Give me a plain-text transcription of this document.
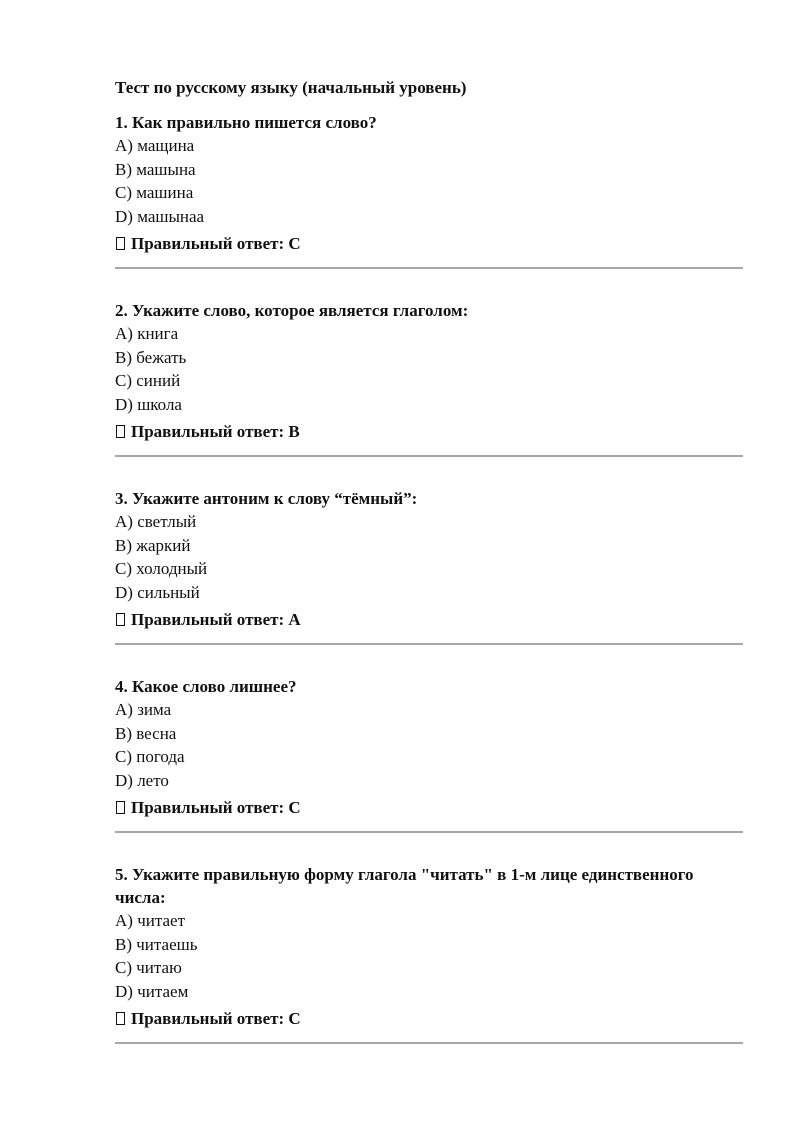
Тест по русскому языку (начальный уровень)
1. Как правильно пишется слово?
A) мащина
B) машына
C) машина
D) машынаа
Правильный ответ:
C
2. Укажите слово, которое является глаголом:
A) книга
B) бежать
C) синий
D) школа
Правильный ответ:
B
3. Укажите антоним к слову “тёмный”:
A) светлый
B) жаркий
C) холодный
D) сильный
Правильный ответ:
A
4. Какое слово лишнее?
A) зима
B) весна
C) погода
D) лето
Правильный ответ:
C
5. Укажите правильную форму глагола "читать" в 1-м лице единственного числа:
A) читает
B) читаешь
C) читаю
D) читаем
Правильный ответ:
C
